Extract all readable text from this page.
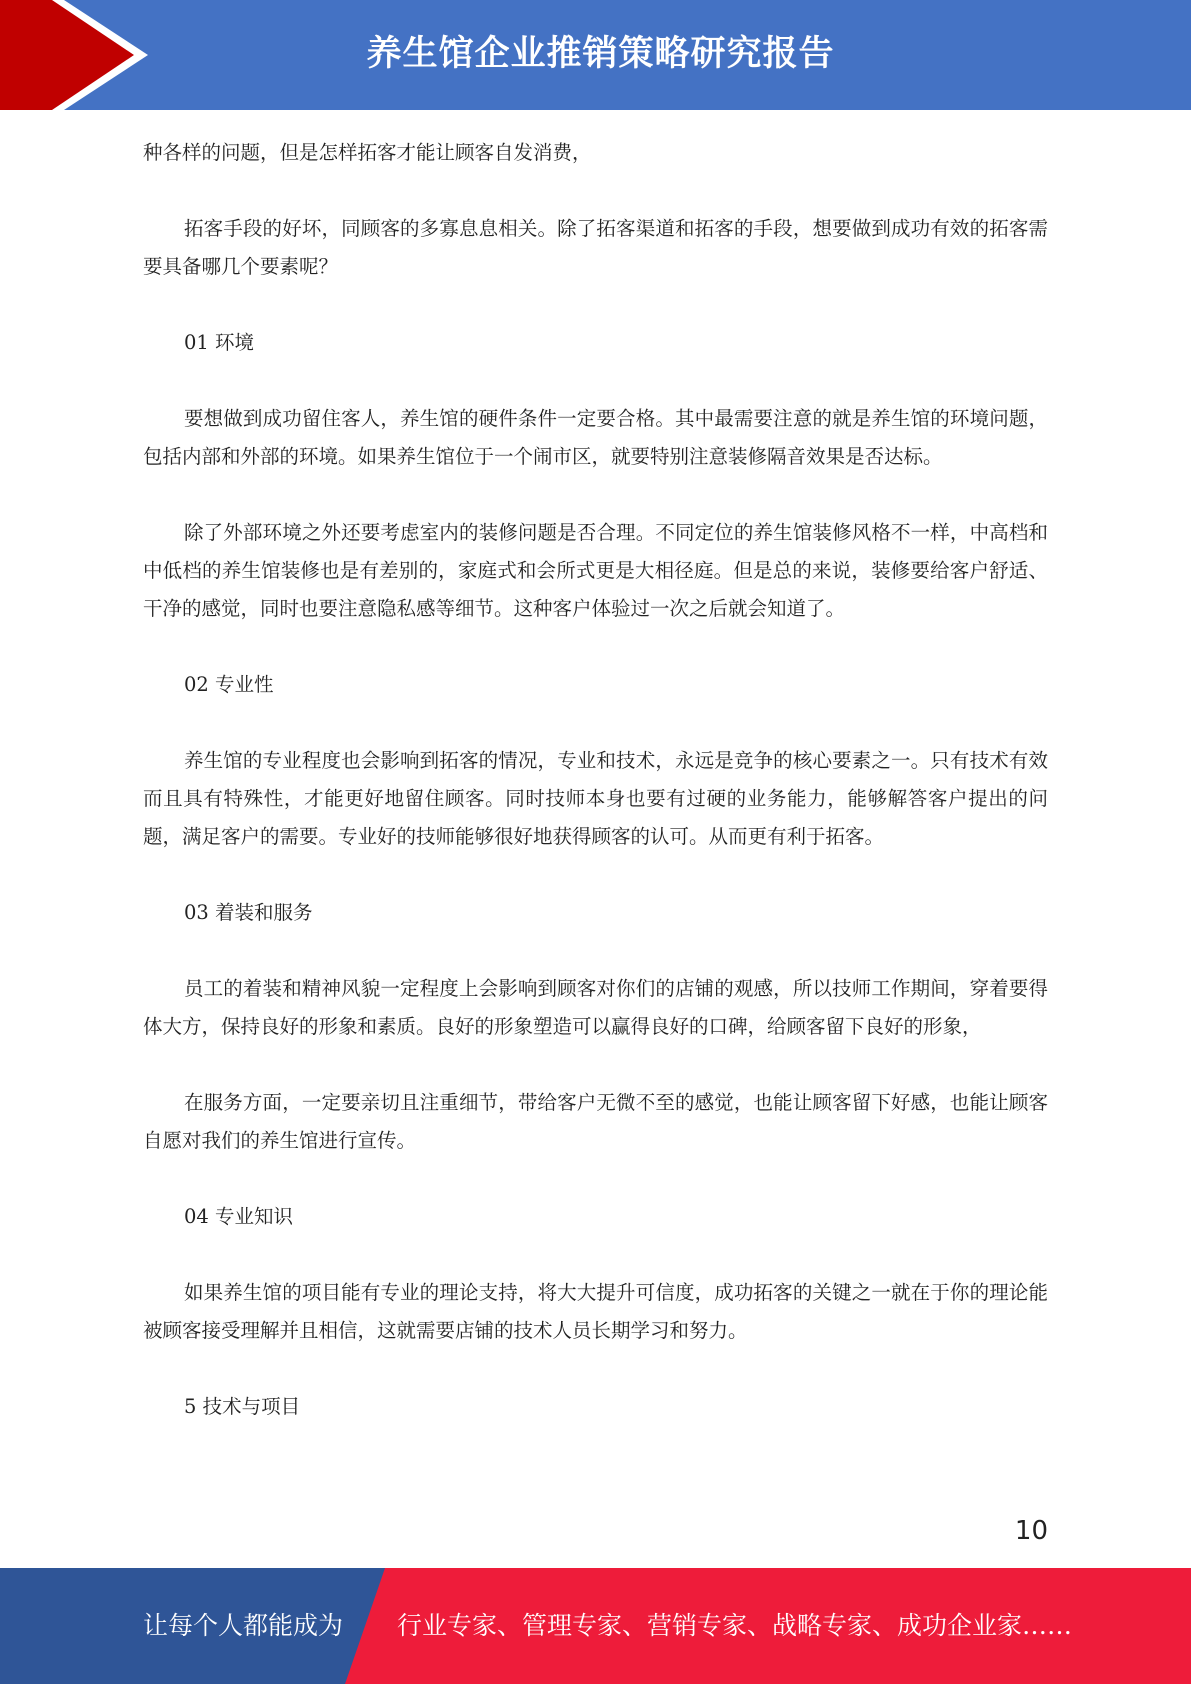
养生馆企业推销策略研究报告

种各样的问题，但是怎样拓客才能让顾客自发消费，

拓客手段的好坏，同顾客的多寡息息相关。除了拓客渠道和拓客的手段，想要做到成功有效的拓客需要具备哪几个要素呢？

01 环境

要想做到成功留住客人，养生馆的硬件条件一定要合格。其中最需要注意的就是养生馆的环境问题，包括内部和外部的环境。如果养生馆位于一个闹市区，就要特别注意装修隔音效果是否达标。

除了外部环境之外还要考虑室内的装修问题是否合理。不同定位的养生馆装修风格不一样，中高档和中低档的养生馆装修也是有差别的，家庭式和会所式更是大相径庭。但是总的来说，装修要给客户舒适、干净的感觉，同时也要注意隐私感等细节。这种客户体验过一次之后就会知道了。

02 专业性

养生馆的专业程度也会影响到拓客的情况，专业和技术，永远是竞争的核心要素之一。只有技术有效而且具有特殊性，才能更好地留住顾客。同时技师本身也要有过硬的业务能力，能够解答客户提出的问题，满足客户的需要。专业好的技师能够很好地获得顾客的认可。从而更有利于拓客。

03 着装和服务

员工的着装和精神风貌一定程度上会影响到顾客对你们的店铺的观感，所以技师工作期间，穿着要得体大方，保持良好的形象和素质。良好的形象塑造可以赢得良好的口碑，给顾客留下良好的形象，

在服务方面，一定要亲切且注重细节，带给客户无微不至的感觉，也能让顾客留下好感，也能让顾客自愿对我们的养生馆进行宣传。

04 专业知识

如果养生馆的项目能有专业的理论支持，将大大提升可信度，成功拓客的关键之一就在于你的理论能被顾客接受理解并且相信，这就需要店铺的技术人员长期学习和努力。

5 技术与项目

10
让每个人都能成为 行业专家、管理专家、营销专家、战略专家、成功企业家……
